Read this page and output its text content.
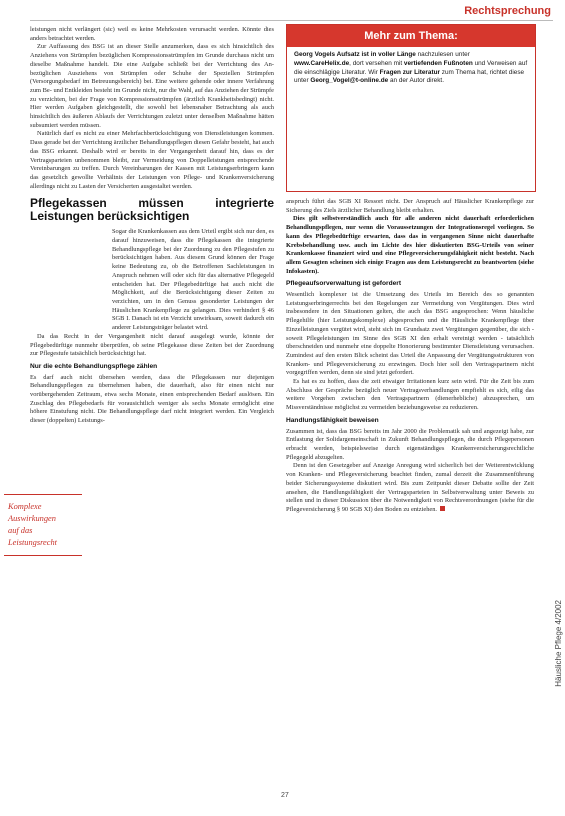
Rechtsprechung

leistungen nicht verlängert (sic) weil es keine Mehrkosten verursacht werden. Könnte dies anders betrachtet werden.

Zur Auffassung des BSG ist an dieser Stelle anzumerken, dass es sich hinsichtlich des Anziehens von Strümpfen bezüglichen Kompressionsstrümpfen im Grunde durchaus nicht um dieselbe Maßnahme handelt. Die eine Aufgabe schließt bei der Verrichtung des An- bezüglichen Ausziehens von Strümpfen oder Schuhe der Speziellen Strümpfen (Versorgungsbedarf im Betreuungsbereich) bei. Eine weitere gehende oder innere Verfahrung zum Be- und Entkleiden besteht im Grunde nicht, nur die Wahl, auf das Anziehen der Strümpfe zu verzichten, bei der Frage von Kompressionsstrümpfen (ärztlich Krankheitsbedingt) nicht. Hier werden Aufgaben gleichgestellt, die sowohl bei lebensnaher Betrachtung als auch hinsichtlich des äußeren Ablaufs der Verrichtungen zuletzt unter denselben Maßnahme hätten subsumiert werden müssen.

Natürlich darf es nicht zu einer Mehrfachberücksichtigung von Dienstleistungen kommen. Dass gerade bei der Verrichtung ärztlicher Behandlungspflegen diesen Gefahr besteht, hat auch das BSG erkannt. Deshalb wird er bereits in der Vergangenheit darauf hin, dass es der Vertragsparteien unbenommen bleibt, zur Vermeidung von Doppelleistungen entsprechende Vereinbarungen zu treffen. Durch Vereinbarungen der Kassen mit Leistungserbringern kann das gesetzlich gewollte Verhältnis der Leistungen von Pflege- und Krankenversicherung allerdings nicht zu Lasten der Versicherten ausgestaltet werden.

Pflegekassen müssen integrierte Leistungen berücksichtigen

Sogar die Krankenkassen aus dem Urteil ergibt sich nur den, es darauf hinzuweisen, dass die Pflegekassen die integrierte Behandlungspflege bei der Zuordnung zu den Pflegestufen zu berücksichtigen haben. Aus diesem Grund können der Frage keine Bedeutung zu, ob die Betroffenen Sachleistungen in Anspruch nehmen will oder sich für das alternative Pflegegeld entscheiden hat. Der Pflegebedürftige hat auch nicht die Möglichkeit, auf die Berücksichtigung dieser Zeiten zu verzichten, um in den Genuss gesonderter Leistungen der Häuslichen Krankenpflege zu gelangen. Dies verhindert § 46 SGB I. Danach ist ein Verzicht unwirksam, soweit dadurch ein anderer Leistungsträger belastet wird.

Da das Recht in der Vergangenheit nicht darauf ausgelegt wurde, könnte der Pflegebedürftige nunmehr überprüfen, ob seine Pflegekasse diese Zeiten bei der Zuordnung zur Pflegestufe tatsächlich berücksichtigt hat.

Nur die echte Behandlungspflege zählen

Es darf auch nicht übersehen werden, dass die Pflegekassen nur diejenigen Behandlungspflegen zu übernehmen haben, die dauerhaft, also für einen nicht nur vorübergehenden Zeitraum, etwa sechs Monate, einen entsprechenden Bedarf auslösen. Ein Zuschlag des Pflegebedarfs für vorausichtlich weniger als sechs Monate ermöglicht eine höhere Einstufung nicht. Die Behandlungspflege darf nicht integriert werden. Ein Vergleich dieser (doppelten) Leistungs-

Komplexe
Auswirkungen
auf das
Leistungsrecht
Mehr zum Thema:
Georg Vogels Aufsatz ist in voller Länge nachzulesen unter www.CareHelix.de, dort versehen mit vertiefenden Fußnoten und Verweisen auf die einschlägige Literatur. Wir Fragen zur Literatur zum Thema hat, richtet diese unter Georg_Vogel@t-online.de an der Autor direkt.

anspruch führt das SGB XI Ressort nicht. Der Anspruch auf Häuslicher Krankenpflege zur Sicherung des Ziels ärztlicher Behandlung bleibt erhalten.

Dies gilt selbstverständlich auch für alle anderen nicht dauerhaft erforderlichen Behandlungspflegen, nur wenn die Voraussetzungen der Integrationsregel vorliegen. So kann des Pflegebedürftige erwarten, dass das in vergangenen Sinne nicht dauerhafte Krebsbehandlung usw. auch im Lichte des hier diskutierten BSG-Urteils von seiner Krankenkasse finanziert wird und eine Pflegeversicherungsfähigkeit nicht besteht. Nach allem Gesagten scheinen sich einige Fragen aus dem Leistungsrecht zu beantworten (siehe Infokasten).

Pflegeaufsorverwaltung ist gefordert

Wesentlich komplexer ist die Umsetzung des Urteils im Bereich des so genannten Leistungserbringerrechts bei den Regelungen zur Vermeidung von Vergütungen. Dies wird insbesondere in den Situationen gelten, die auch das BSG angesprochen: Wenn häusliche Pflegehilfe (hier Leistungskomplexe) abgesprochen und die Häusliche Krankenpflege über Einzelleistungen vergütet wird, steht sich im Grundsatz zwei Vergütungen gegenüber, die sich - soweit Pflegeleistungen im Sinne des SGB XI den erhalt vereinigt werden - tatsächlich überschneiden und nunmehr eine doppelte Honorierung bestimmter Dienstleistung verursachen. Zumindest auf den ersten Blick scheint das Urteil die Anpassung der Vergütungsstrukturen von Kranken- und Pflegeversicherung zu erzwingen. Doch hier soll den Vertragspartnern nicht vorgegriffen werden, denn sie sind jetzt gefordert.

Es hat es zu hoffen, dass die zeit etwaiger Irritationen kurz sein wird. Für die Zeit bis zum Abschluss der Gespräche bezüglich neuer Vertragsverhandlungen empfiehlt es sich, eilig das weitere Vorgehen zwischen den Vertragspartnern (dienerhebliche) abzusprechen, um Missverständnisse möglichst zu vermeiden beziehungsweise zu reduzieren.

Handlungsfähigkeit beweisen

Zusammen ist, dass das BSG bereits im Jahr 2000 die Problematik sah und angezeigt habe, zur Entlastung der Solidargemeinschaft in Zukunft Behandlungspflegen, die durch Pflegepersonen erbracht werden, beispielsweise durch eigenständiges Krankenversicherungsrechtliche Pflegegeld abzugelten.

Denn ist den Gesetzgeber auf Anzeige Anregung wird sicherlich bei der Weiterentwicklung von Kranken- und Pflegeversicherung beachtet finden, zumal derzeit die Zusammenführung beider Sicherungssysteme diskutiert wird. Bis zum Zeitpunkt dieser Debatte sollte der Zeit ansehen, die Handlungsfähigkeit der Vertragsparteien in Selbstverwaltung unter Beweis zu stellen und in dieser Diskussion über die Notwendigkeit von Rechtsverordnungen (siehe für die Pflegeversicherung § 90 SGB XI) den Boden zu entziehen.

Häusliche Pflege 4/2002
27
